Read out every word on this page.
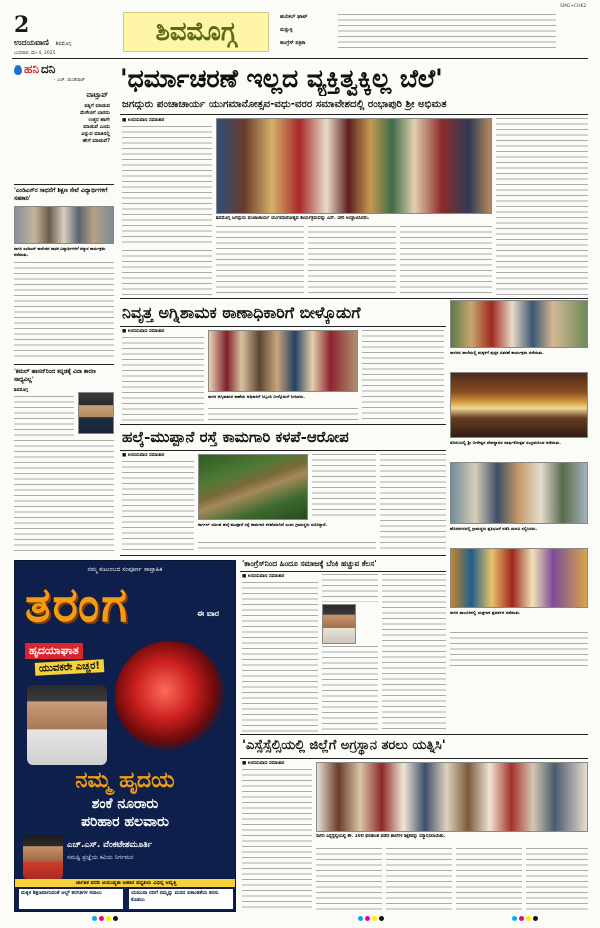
2
ಉದಯವಾಣಿ ಶಿವಮೊಗ್ಗ
ಬುಧವಾರ, ಮೇ 4, 2025
ಶಿವಮೊಗ್ಗ	ಹುಲಿಕಲ್ ಘಾಟ್
ಮಸ್ಸುಳ್ಳ
ಕಾಂಗ್ರೆಸ್ ಪತ್ರಿಕಾ
SMG+CHK2
ಹನಿ ದನಿ
- ಎಚ್. ಡುಂಡಿರಾಜ್
ವಾಟ್ಸಾಪ್
ಪತ್ನಿಗೆ ಮಾಡುವ
ಮೆಸೇಜಿಗೆ ಬಾರದು
ಉತ್ತರ ಹಾಗೇ
ಮಾಡುವೆ ಎಂದು
ಎನ್ನುವ ಮಾತಿನಲ್ಲಿ
ಹೇಗೆ ಮಾಡುವೆ?
'ಎಂಡಿಎಸ್‌ನ ಸಾಧನೆಗೆ ಶಿಕ್ಷಣ ಸೇವೆ ವಿದ್ಯಾರ್ಥಿಗಳಿಗೆ ಸಹಕಾರಿ'
ಸಾಗರ ಎಂಡಿಎಸ್ ಕಾಲೇಜಿನ ಸಾಧಕ ವಿದ್ಯಾರ್ಥಿಗಳಿಗೆ ಸನ್ಮಾನ ಕಾರ್ಯಕ್ರಮ ನಡೆಯಿತು.
'ಕಮಲ್ ಹಾಸನ್‌ರಿಂದ ಕನ್ನಡಕ್ಕೆ ವಿನಾ ಕಾರಣ ಸಾಧ್ಯವಿಲ್ಲ'
ಶಿವಮೊಗ್ಗ
'ಧರ್ಮಾಚರಣೆ ಇಲ್ಲದ ವ್ಯಕ್ತಿತ್ವಕ್ಕಿಲ್ಲ ಬೆಲೆ'
ಜಗದ್ಗುರು ಪಂಚಾಚಾರ್ಯ ಯುಗಮಾನೋತ್ಸವ-ವಧು-ವರರ ಸಮಾವೇಶದಲ್ಲಿ ರಂಭಾಪುರಿ ಶ್ರೀ ಅಭಿಮತ
■ ಉದಯವಾಣಿ ಸಮಾಚಾರ
ಶಿವಮೊಗ್ಗ ಜಗದ್ಗುರು ಪಂಚಾಚಾರ್ಯ ಯುಗಮಾನೋತ್ಸವ ಕಾರ್ಯಕ್ರಮವನ್ನು ಎಸ್. ಬೇರಿ ಉದ್ಘಾಟಿಸಿದರು.
ನಿವೃತ್ತ ಅಗ್ನಿಶಾಮಕ ಠಾಣಾಧಿಕಾರಿಗೆ ಬೀಳ್ಕೊಡುಗೆ
■ ಉದಯವಾಣಿ ಸಮಾಚಾರ
ಸಾಗರ ಅಗ್ನಿಶಾಮಕ ಠಾಣೆಯ ಅಧಿಕಾರಿಗೆ ಸಿಬ್ಬಂದಿ ಬೀಳ್ಕೊಡುಗೆ ನೀಡಿದರು.
ಸಾಗರದ ಶಾಲೆಯಲ್ಲಿ ಮಕ್ಕಳಿಗೆ ಪುಸ್ತಕ ವಿತರಣೆ ಕಾರ್ಯಕ್ರಮ ನಡೆಯಿತು.
ಸೊರಬದಲ್ಲಿ ಶ್ರೀ ಬೀರೇಶ್ವರ ದೇವಸ್ಥಾನದ ವಾರ್ಷಿಕೋತ್ಸವ ಸಂಭ್ರಮದಿಂದ ನಡೆಯಿತು.
ಹೊಸನಗರದಲ್ಲಿ ಗ್ರಾಮಸ್ಥರು ಪ್ರತಿಭಟನೆ ನಡೆಸಿ ಮನವಿ ಸಲ್ಲಿಸಿದರು.
ಸಾಗರ ತಾಲೂಕಿನಲ್ಲಿ ಯಕ್ಷಗಾನ ಪ್ರದರ್ಶನ ನಡೆಯಿತು.
ಹಲ್ಕೆ-ಮುಪ್ಪಾನೆ ರಸ್ತೆ ಕಾಮಗಾರಿ ಕಳಪೆ-ಆರೋಪ
■ ಉದಯವಾಣಿ ಸಮಾಚಾರ
ಕಾರ್ಗಲ್ ಸಮೀಪ ಹಲ್ಕೆ-ಮುಪ್ಪಾನೆ ರಸ್ತೆ ಕಾಮಗಾರಿ ಕಳಪೆಯಾಗಿದೆ ಎಂದು ಗ್ರಾಮಸ್ಥರು ದೂರಿದ್ದಾರೆ.
ನಮ್ಮ ಕುಟುಂಬದ ಸಂಪೂರ್ಣ ಸಾಪ್ತಾಹಿಕ
ತರಂಗ	ಈ ವಾರ
ಹೃದಯಾಘಾತ
ಯುವಕರೇ ಎಚ್ಚರ!
ನಮ್ಮ ಹೃದಯ
ಶಂಕೆ ನೂರಾರು
ಪರಿಹಾರ ಹಲವಾರು
ಎಚ್.ಎಸ್. ವೆಂಕಟೇಶಮೂರ್ತಿ
ಸಮಷ್ಟಿ ಪ್ರಜ್ಞೆಯ ಕವಿಯ ನಿರ್ಗಮನ
ಜಾಗತಿಕ ವರದಿ ಆಯುಷ್ಯಕಾ ಆಹಾರ ಪದ್ಧತಿಯ ವಿಭಿನ್ನ ಆವೃತ್ತಿ
ಮಕ್ಕಳ ಶಿಕ್ಷಣವಾಗುವಂತೆ ಆಲ್ಟ್ ತರಗತಿಗಳ ಸವಾಲು	ಯಮುನಾ ನದಿಗೆ ನಮ್ಮನ್ನು ಮನದ ಏಕಾಂತತೆಯ ಕನಸು ಕೊಡಲು
'ಕಾಂಗ್ರೆಸ್‌ನಿಂದ ಹಿಂದೂ ಸಮಾಜಕ್ಕೆ ಬೆಂಕಿ ಹಚ್ಚುವ ಕೆಲಸ'
■ ಉದಯವಾಣಿ ಸಮಾಚಾರ
'ಎಸ್ಸೆಸ್ಸೆಲ್ಸಿಯಲ್ಲಿ ಜಿಲ್ಲೆಗೆ ಅಗ್ರಸ್ಥಾನ ತರಲು ಯತ್ನಿಸಿ'
■ ಉದಯವಾಣಿ ಸಮಾಚಾರ
ಸಾಗರ ಎಸ್ಸೆಸ್ಸೆಲ್ಸಿಯಲ್ಲಿ ಶೇ. 100 ಫಲಿತಾಂಶ ಪಡೆದ ಶಾಲೆಗಳ ಶಿಕ್ಷಕರನ್ನು ಸನ್ಮಾನಿಸಲಾಯಿತು.
